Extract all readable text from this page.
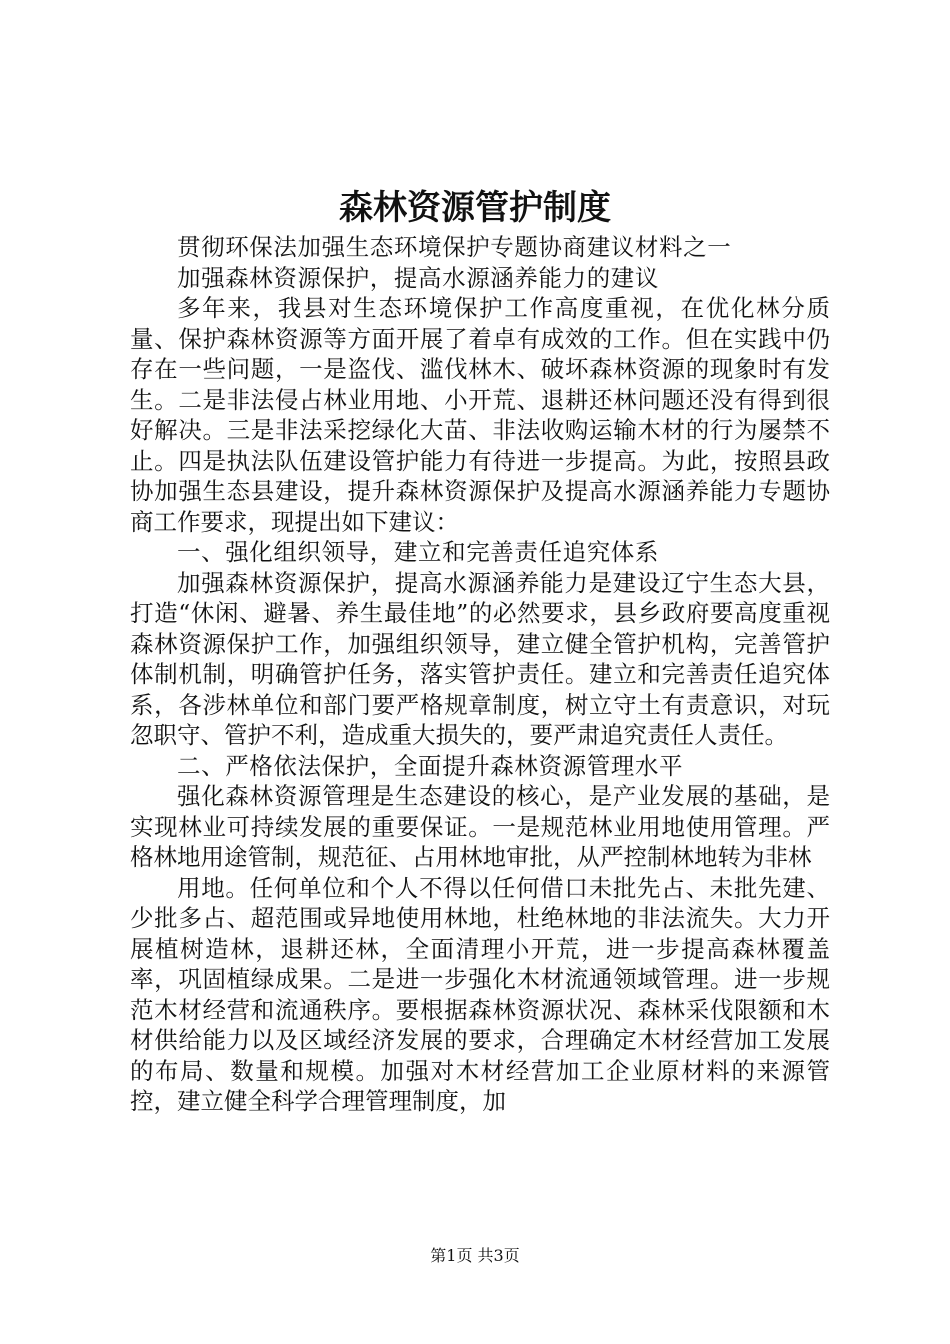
森林资源管护制度

贯彻环保法加强生态环境保护专题协商建议材料之一

加强森林资源保护，提高水源涵养能力的建议

多年来，我县对生态环境保护工作高度重视，在优化林分质量、保护森林资源等方面开展了着卓有成效的工作。但在实践中仍存在一些问题，一是盗伐、滥伐林木、破坏森林资源的现象时有发生。二是非法侵占林业用地、小开荒、退耕还林问题还没有得到很好解决。三是非法采挖绿化大苗、非法收购运输木材的行为屡禁不止。四是执法队伍建设管护能力有待进一步提高。为此，按照县政协加强生态县建设，提升森林资源保护及提高水源涵养能力专题协商工作要求，现提出如下建议：

一、强化组织领导，建立和完善责任追究体系

加强森林资源保护，提高水源涵养能力是建设辽宁生态大县，打造“休闲、避暑、养生最佳地”的必然要求，县乡政府要高度重视森林资源保护工作，加强组织领导，建立健全管护机构，完善管护体制机制，明确管护任务，落实管护责任。建立和完善责任追究体系，各涉林单位和部门要严格规章制度，树立守土有责意识，对玩忽职守、管护不利，造成重大损失的，要严肃追究责任人责任。

二、严格依法保护，全面提升森林资源管理水平

强化森林资源管理是生态建设的核心，是产业发展的基础，是实现林业可持续发展的重要保证。一是规范林业用地使用管理。严格林地用途管制，规范征、占用林地审批，从严控制林地转为非林

用地。任何单位和个人不得以任何借口未批先占、未批先建、少批多占、超范围或异地使用林地，杜绝林地的非法流失。大力开展植树造林，退耕还林，全面清理小开荒，进一步提高森林覆盖率，巩固植绿成果。二是进一步强化木材流通领域管理。进一步规范木材经营和流通秩序。要根据森林资源状况、森林采伐限额和木材供给能力以及区域经济发展的要求，合理确定木材经营加工发展的布局、数量和规模。加强对木材经营加工企业原材料的来源管控，建立健全科学合理管理制度，加

第1页 共3页
